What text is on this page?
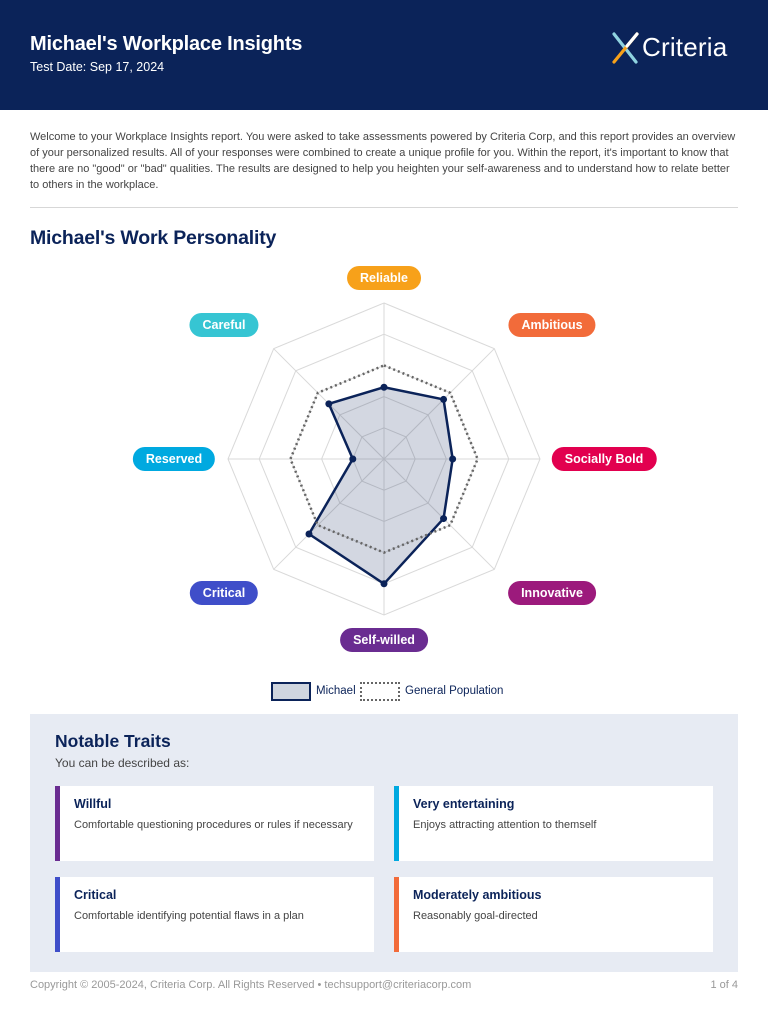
Michael's Workplace Insights
Test Date: Sep 17, 2024
Criteria

Welcome to your Workplace Insights report. You were asked to take assessments powered by Criteria Corp, and this report provides an overview of your personalized results. All of your responses were combined to create a unique profile for you. Within the report, it's important to know that there are no "good" or "bad" qualities. The results are designed to help you heighten your self-awareness and to understand how to relate better to others in the workplace.

Michael's Work Personality
Reliable
Ambitious
Socially Bold
Innovative
Self-willed
Critical
Reserved
Careful
Michael	General Population
Notable Traits
You can be described as:
Willful
Comfortable questioning procedures or rules if necessary
Very entertaining
Enjoys attracting attention to themself
Critical
Comfortable identifying potential flaws in a plan
Moderately ambitious
Reasonably goal-directed
Copyright © 2005-2024, Criteria Corp. All Rights Reserved • techsupport@criteriacorp.com	1 of 4
